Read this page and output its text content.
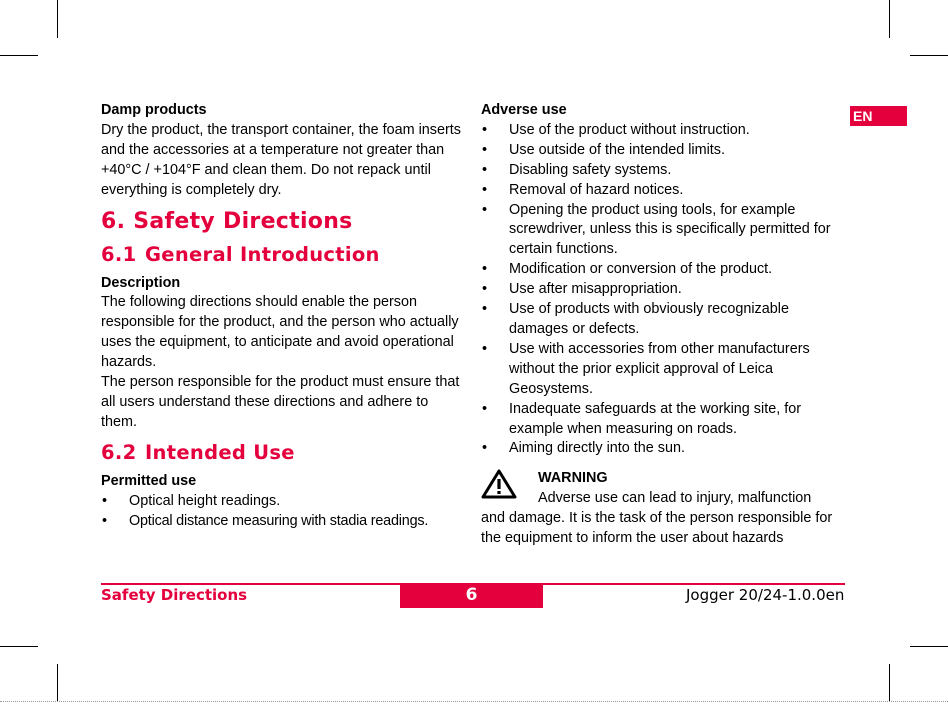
EN

Damp products

Dry the product, the transport container, the foam inserts and the accessories at a temperature not greater than +40°C / +104°F and clean them. Do not repack until everything is completely dry.

6. Safety Directions
6.1 General Introduction

Description

The following directions should enable the person responsible for the product, and the person who actually uses the equipment, to anticipate and avoid operational hazards.

The person responsible for the product must ensure that all users understand these directions and adhere to them.

6.2 Intended Use

Permitted use

• Optical height readings.
• Optical distance measuring with stadia readings.

Adverse use

• Use of the product without instruction.
• Use outside of the intended limits.
• Disabling safety systems.
• Removal of hazard notices.
• Opening the product using tools, for example screwdriver, unless this is specifically permitted for certain functions.
• Modification or conversion of the product.
• Use after misappropriation.
• Use of products with obviously recognizable damages or defects.
• Use with accessories from other manufacturers without the prior explicit approval of Leica Geosystems.
• Inadequate safeguards at the working site, for example when measuring on roads.
• Aiming directly into the sun.

WARNING

Adverse use can lead to injury, malfunction

and damage. It is the task of the person responsible for the equipment to inform the user about hazards

Safety Directions	6	Jogger 20/24-1.0.0en
